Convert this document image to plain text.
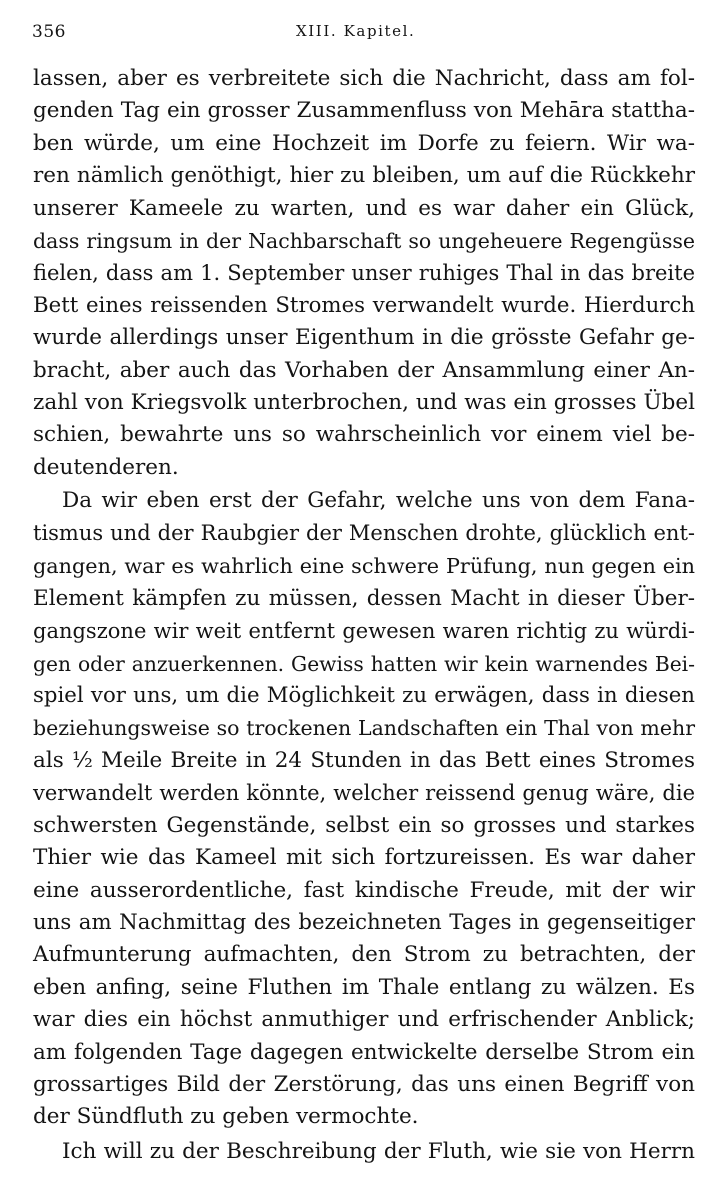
356	XIII. Kapitel.
lassen, aber es verbreitete sich die Nachricht, dass am fol-
genden Tag ein grosser Zusammenfluss von Mehāra stattha-
ben würde, um eine Hochzeit im Dorfe zu feiern. Wir wa-
ren nämlich genöthigt, hier zu bleiben, um auf die Rückkehr
unserer Kameele zu warten, und es war daher ein Glück,
dass ringsum in der Nachbarschaft so ungeheuere Regengüsse
fielen, dass am 1. September unser ruhiges Thal in das breite
Bett eines reissenden Stromes verwandelt wurde. Hierdurch
wurde allerdings unser Eigenthum in die grösste Gefahr ge-
bracht, aber auch das Vorhaben der Ansammlung einer An-
zahl von Kriegsvolk unterbrochen, und was ein grosses Übel
schien, bewahrte uns so wahrscheinlich vor einem viel be-
deutenderen.
Da wir eben erst der Gefahr, welche uns von dem Fana-
tismus und der Raubgier der Menschen drohte, glücklich ent-
gangen, war es wahrlich eine schwere Prüfung, nun gegen ein
Element kämpfen zu müssen, dessen Macht in dieser Über-
gangszone wir weit entfernt gewesen waren richtig zu würdi-
gen oder anzuerkennen. Gewiss hatten wir kein warnendes Bei-
spiel vor uns, um die Möglichkeit zu erwägen, dass in diesen
beziehungsweise so trockenen Landschaften ein Thal von mehr
als ½ Meile Breite in 24 Stunden in das Bett eines Stromes
verwandelt werden könnte, welcher reissend genug wäre, die
schwersten Gegenstände, selbst ein so grosses und starkes
Thier wie das Kameel mit sich fortzureissen. Es war daher
eine ausserordentliche, fast kindische Freude, mit der wir
uns am Nachmittag des bezeichneten Tages in gegenseitiger
Aufmunterung aufmachten, den Strom zu betrachten, der
eben anfing, seine Fluthen im Thale entlang zu wälzen. Es
war dies ein höchst anmuthiger und erfrischender Anblick;
am folgenden Tage dagegen entwickelte derselbe Strom ein
grossartiges Bild der Zerstörung, das uns einen Begriff von
der Sündfluth zu geben vermochte.
Ich will zu der Beschreibung der Fluth, wie sie von Herrn
